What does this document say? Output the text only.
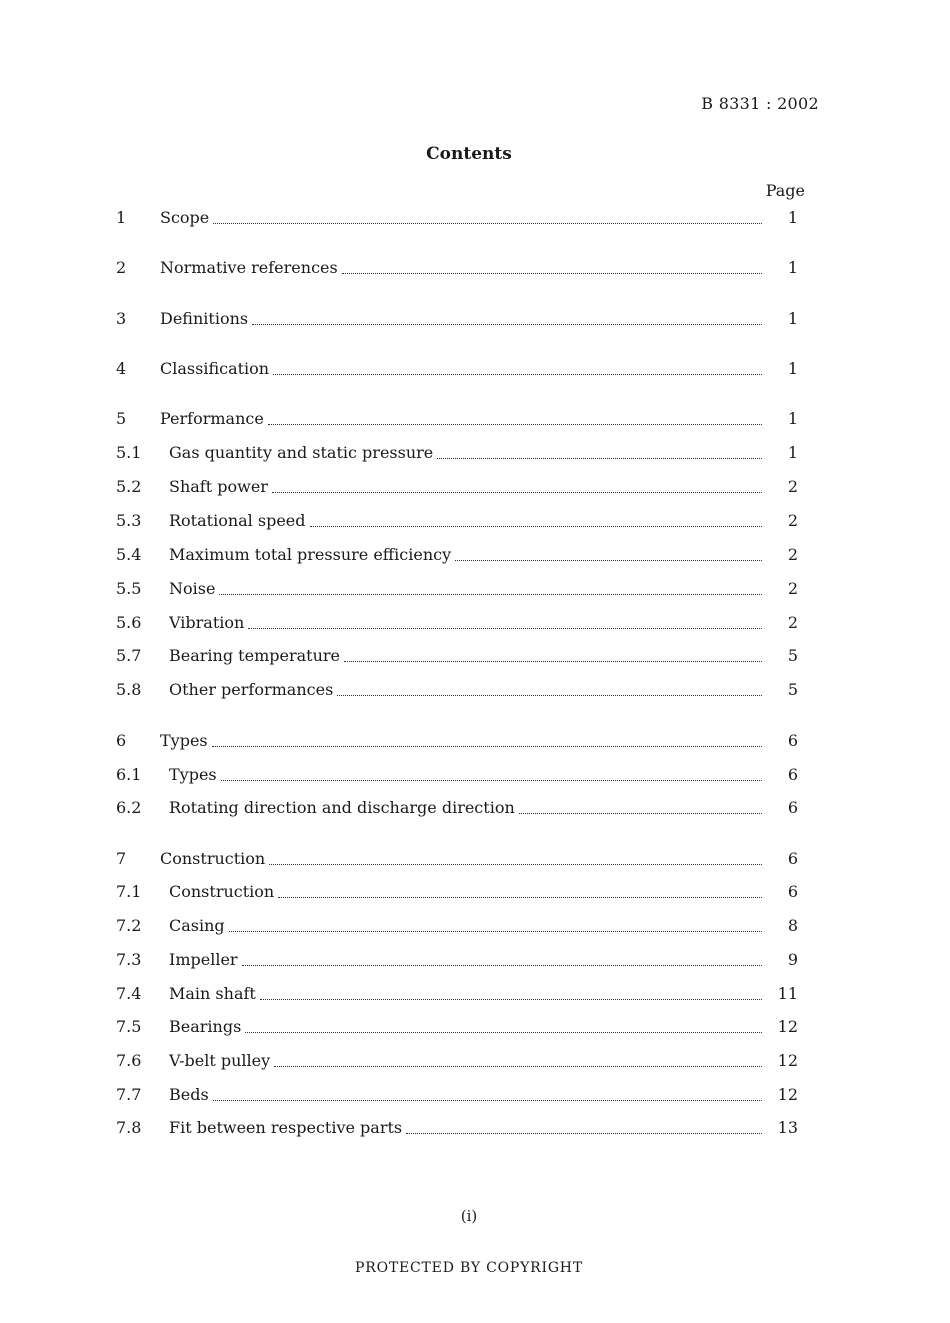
B 8331 : 2002
Contents
Page
1 Scope	1
2 Normative references	1
3 Definitions	1
4 Classification	1
5 Performance	1
5.1 Gas quantity and static pressure	1
5.2 Shaft power	2
5.3 Rotational speed	2
5.4 Maximum total pressure efficiency	2
5.5 Noise	2
5.6 Vibration	2
5.7 Bearing temperature	5
5.8 Other performances	5
6 Types	6
6.1 Types	6
6.2 Rotating direction and discharge direction	6
7 Construction	6
7.1 Construction	6
7.2 Casing	8
7.3 Impeller	9
7.4 Main shaft	11
7.5 Bearings	12
7.6 V-belt pulley	12
7.7 Beds	12
7.8 Fit between respective parts	13
(i)
PROTECTED BY COPYRIGHT
